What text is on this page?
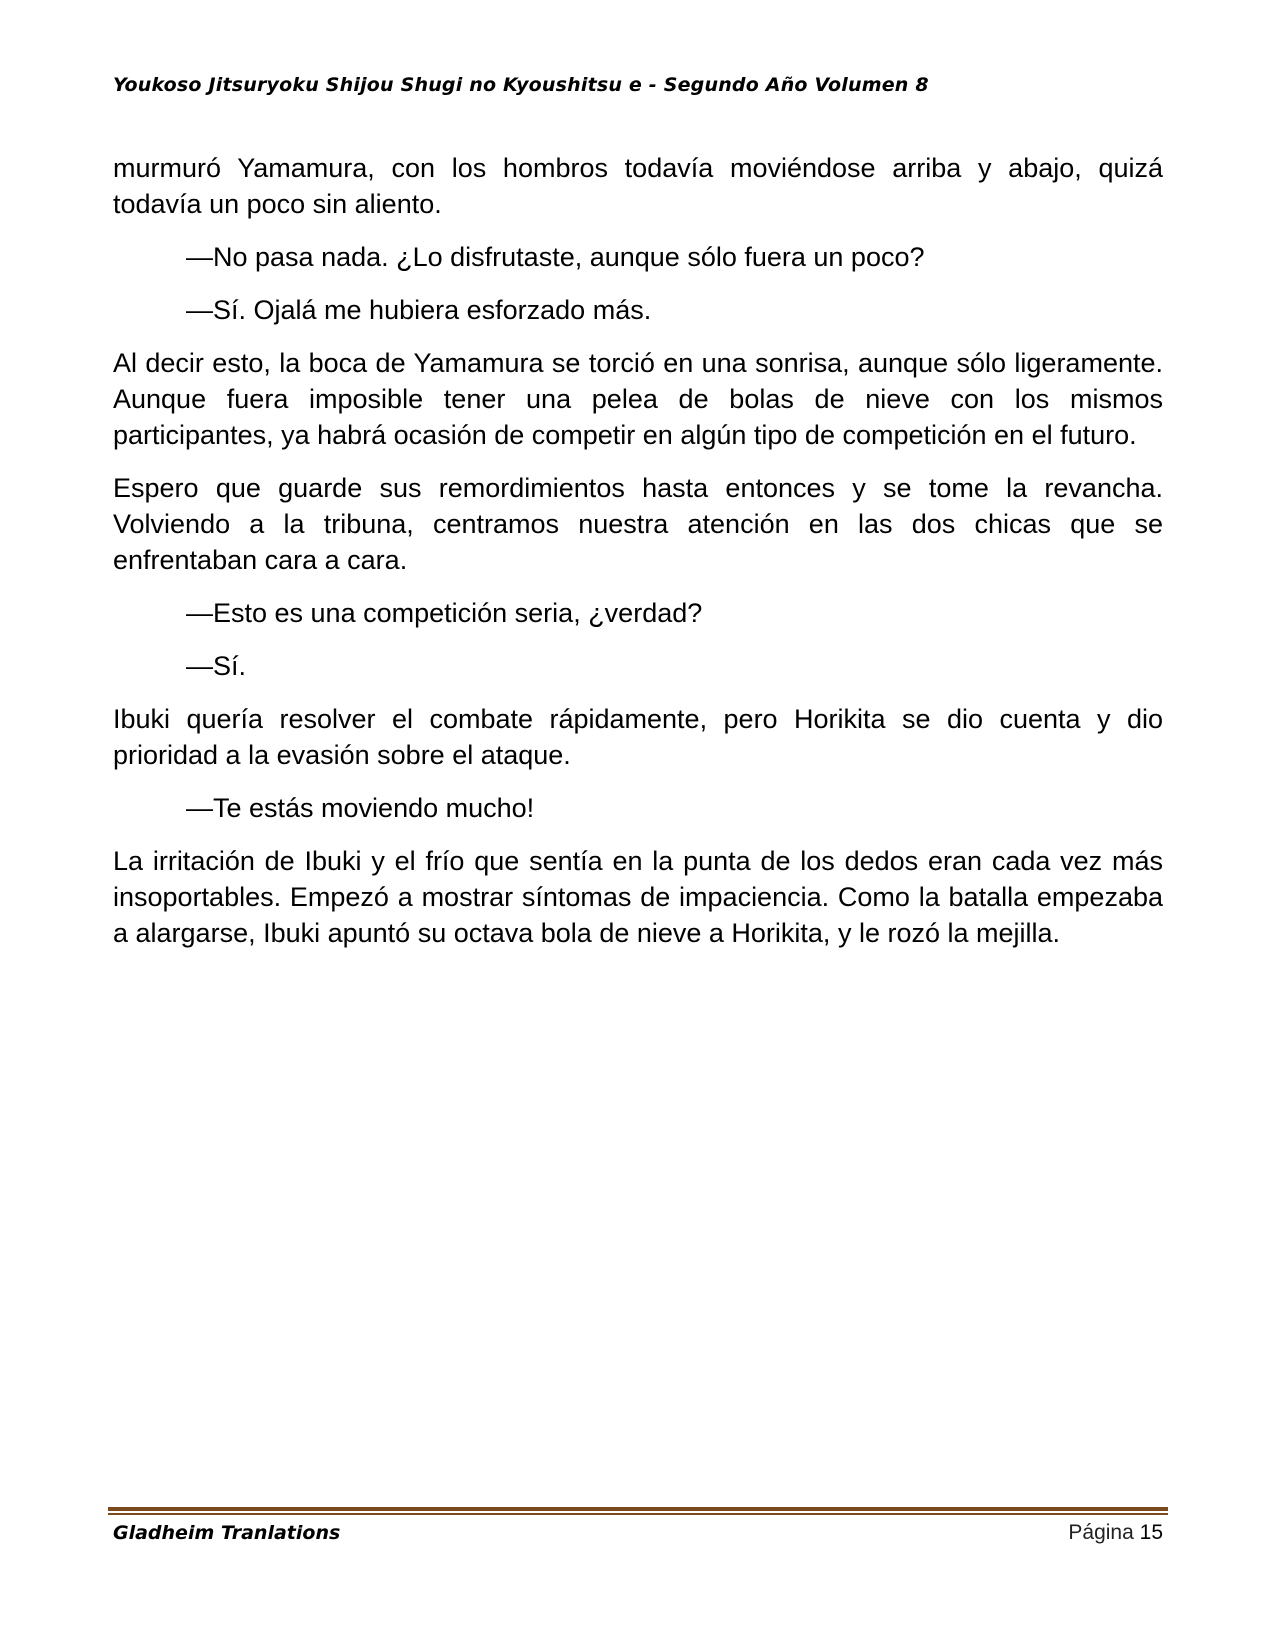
Youkoso Jitsuryoku Shijou Shugi no Kyoushitsu e - Segundo Año Volumen 8

murmuró Yamamura, con los hombros todavía moviéndose arriba y abajo, quizá todavía un poco sin aliento.

—No pasa nada. ¿Lo disfrutaste, aunque sólo fuera un poco?

—Sí. Ojalá me hubiera esforzado más.

Al decir esto, la boca de Yamamura se torció en una sonrisa, aunque sólo ligeramente. Aunque fuera imposible tener una pelea de bolas de nieve con los mismos participantes, ya habrá ocasión de competir en algún tipo de competición en el futuro.

Espero que guarde sus remordimientos hasta entonces y se tome la revancha. Volviendo a la tribuna, centramos nuestra atención en las dos chicas que se enfrentaban cara a cara.

—Esto es una competición seria, ¿verdad?

—Sí.

Ibuki quería resolver el combate rápidamente, pero Horikita se dio cuenta y dio prioridad a la evasión sobre el ataque.

—Te estás moviendo mucho!

La irritación de Ibuki y el frío que sentía en la punta de los dedos eran cada vez más insoportables. Empezó a mostrar síntomas de impaciencia. Como la batalla empezaba a alargarse, Ibuki apuntó su octava bola de nieve a Horikita, y le rozó la mejilla.

Gladheim Tranlations	Página 15
